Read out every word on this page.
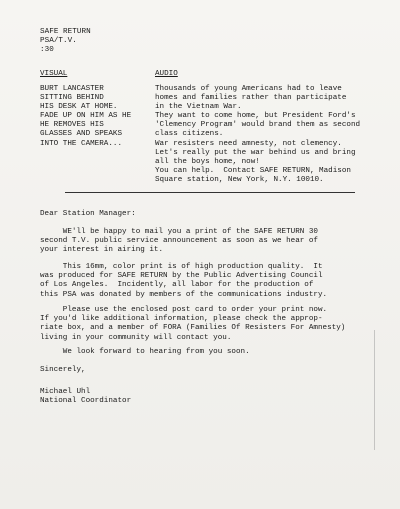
SAFE RETURN
PSA/T.V.
:30
VISUAL	AUDIO
BURT LANCASTER
SITTING BEHIND
HIS DESK AT HOME.
FADE UP ON HIM AS HE
HE REMOVES HIS
GLASSES AND SPEAKS
INTO THE CAMERA...
Thousands of young Americans had to leave
homes and families rather than participate
in the Vietnam War.
They want to come home, but President Ford's
'Clemency Program' would brand them as second
class citizens.
War resisters need amnesty, not clemency.
Let's really put the war behind us and bring
all the boys home, now!
You can help.  Contact SAFE RETURN, Madison
Square station, New York, N.Y. 10010.
Dear Station Manager:
WE'll be happy to mail you a print of the SAFE RETURN 30
second T.V. public service announcement as soon as we hear of
your interest in airing it.
This 16mm, color print is of high production quality.  It
was produced for SAFE RETURN by the Public Advertising Council
of Los Angeles.  Incidently, all labor for the production of
this PSA was donated by members of the communications industry.
Please use the enclosed post card to order your print now.
If you'd like additional information, please check the approp-
riate box, and a member of FORA (Families Of Resisters For Amnesty)
living in your community will contact you.
We look forward to hearing from you soon.
Sincerely,
Michael Uhl
National Coordinator
